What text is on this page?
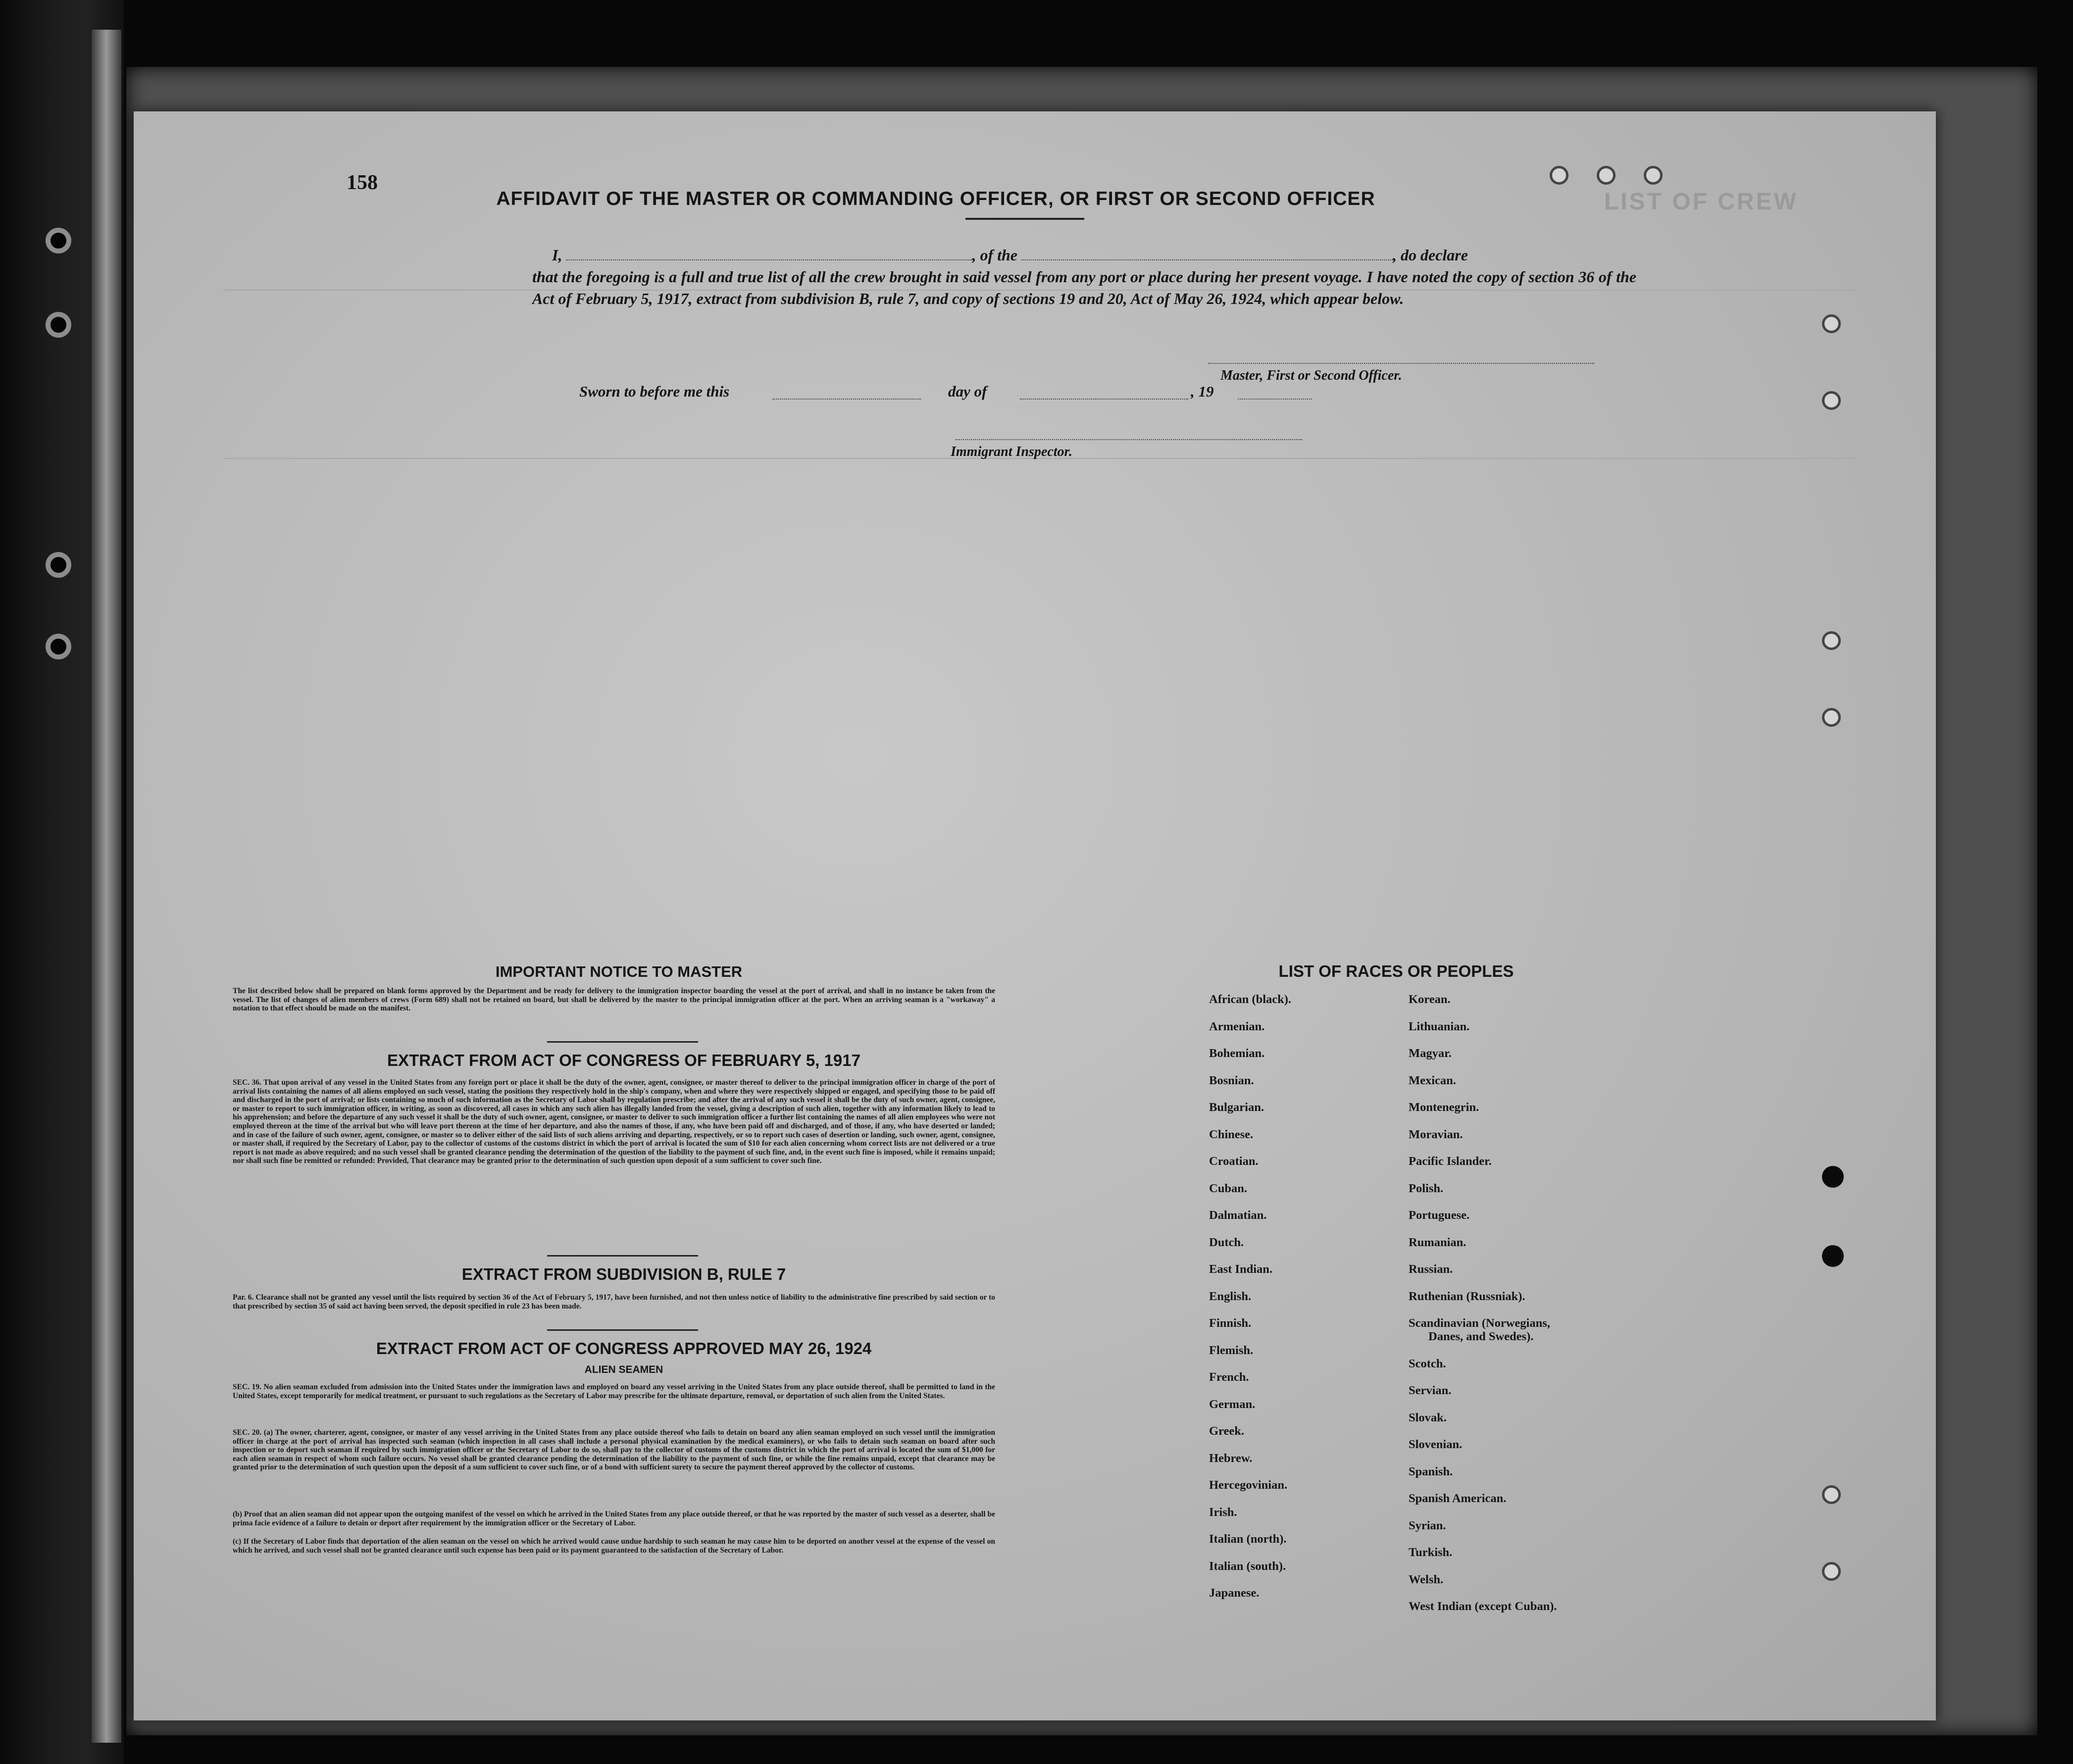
LIST OF CREW
158
AFFIDAVIT OF THE MASTER OR COMMANDING OFFICER, OR FIRST OR SECOND OFFICER
I,	, of the	, do declare
that the foregoing is a full and true list of all the crew brought in said vessel from any port or place during her present voyage. I have noted the copy of section 36 of the Act of February 5, 1917, extract from subdivision B, rule 7, and copy of sections 19 and 20, Act of May 26, 1924, which appear below.
Master, First or Second Officer.
Sworn to before me this	day of	, 19
Immigrant Inspector.
IMPORTANT NOTICE TO MASTER
The list described below shall be prepared on blank forms approved by the Department and be ready for delivery to the immigration inspector boarding the vessel at the port of arrival, and shall in no instance be taken from the vessel. The list of changes of alien members of crews (Form 689) shall not be retained on board, but shall be delivered by the master to the principal immigration officer at the port. When an arriving seaman is a "workaway" a notation to that effect should be made on the manifest.
EXTRACT FROM ACT OF CONGRESS OF FEBRUARY 5, 1917
SEC. 36. That upon arrival of any vessel in the United States from any foreign port or place it shall be the duty of the owner, agent, consignee, or master thereof to deliver to the principal immigration officer in charge of the port of arrival lists containing the names of all aliens employed on such vessel, stating the positions they respectively hold in the ship's company, when and where they were respectively shipped or engaged, and specifying those to be paid off and discharged in the port of arrival; or lists containing so much of such information as the Secretary of Labor shall by regulation prescribe; and after the arrival of any such vessel it shall be the duty of such owner, agent, consignee, or master to report to such immigration officer, in writing, as soon as discovered, all cases in which any such alien has illegally landed from the vessel, giving a description of such alien, together with any information likely to lead to his apprehension; and before the departure of any such vessel it shall be the duty of such owner, agent, consignee, or master to deliver to such immigration officer a further list containing the names of all alien employees who were not employed thereon at the time of the arrival but who will leave port thereon at the time of her departure, and also the names of those, if any, who have been paid off and discharged, and of those, if any, who have deserted or landed; and in case of the failure of such owner, agent, consignee, or master so to deliver either of the said lists of such aliens arriving and departing, respectively, or so to report such cases of desertion or landing, such owner, agent, consignee, or master shall, if required by the Secretary of Labor, pay to the collector of customs of the customs district in which the port of arrival is located the sum of $10 for each alien concerning whom correct lists are not delivered or a true report is not made as above required; and no such vessel shall be granted clearance pending the determination of the question of the liability to the payment of such fine, and, in the event such fine is imposed, while it remains unpaid; nor shall such fine be remitted or refunded: Provided, That clearance may be granted prior to the determination of such question upon deposit of a sum sufficient to cover such fine.
EXTRACT FROM SUBDIVISION B, RULE 7
Par. 6. Clearance shall not be granted any vessel until the lists required by section 36 of the Act of February 5, 1917, have been furnished, and not then unless notice of liability to the administrative fine prescribed by said section or to that prescribed by section 35 of said act having been served, the deposit specified in rule 23 has been made.
EXTRACT FROM ACT OF CONGRESS APPROVED MAY 26, 1924
ALIEN SEAMEN
SEC. 19. No alien seaman excluded from admission into the United States under the immigration laws and employed on board any vessel arriving in the United States from any place outside thereof, shall be permitted to land in the United States, except temporarily for medical treatment, or pursuant to such regulations as the Secretary of Labor may prescribe for the ultimate departure, removal, or deportation of such alien from the United States.
SEC. 20. (a) The owner, charterer, agent, consignee, or master of any vessel arriving in the United States from any place outside thereof who fails to detain on board any alien seaman employed on such vessel until the immigration officer in charge at the port of arrival has inspected such seaman (which inspection in all cases shall include a personal physical examination by the medical examiners), or who fails to detain such seaman on board after such inspection or to deport such seaman if required by such immigration officer or the Secretary of Labor to do so, shall pay to the collector of customs of the customs district in which the port of arrival is located the sum of $1,000 for each alien seaman in respect of whom such failure occurs. No vessel shall be granted clearance pending the determination of the liability to the payment of such fine, or while the fine remains unpaid, except that clearance may be granted prior to the determination of such question upon the deposit of a sum sufficient to cover such fine, or of a bond with sufficient surety to secure the payment thereof approved by the collector of customs.
(b) Proof that an alien seaman did not appear upon the outgoing manifest of the vessel on which he arrived in the United States from any place outside thereof, or that he was reported by the master of such vessel as a deserter, shall be prima facie evidence of a failure to detain or deport after requirement by the immigration officer or the Secretary of Labor.
(c) If the Secretary of Labor finds that deportation of the alien seaman on the vessel on which he arrived would cause undue hardship to such seaman he may cause him to be deported on another vessel at the expense of the vessel on which he arrived, and such vessel shall not be granted clearance until such expense has been paid or its payment guaranteed to the satisfaction of the Secretary of Labor.
LIST OF RACES OR PEOPLES
African (black).
Armenian.
Bohemian.
Bosnian.
Bulgarian.
Chinese.
Croatian.
Cuban.
Dalmatian.
Dutch.
East Indian.
English.
Finnish.
Flemish.
French.
German.
Greek.
Hebrew.
Hercegovinian.
Irish.
Italian (north).
Italian (south).
Japanese.
Korean.
Lithuanian.
Magyar.
Mexican.
Montenegrin.
Moravian.
Pacific Islander.
Polish.
Portuguese.
Rumanian.
Russian.
Ruthenian (Russniak).
Scandinavian (Norwegians,
Danes, and Swedes).
Scotch.
Servian.
Slovak.
Slovenian.
Spanish.
Spanish American.
Syrian.
Turkish.
Welsh.
West Indian (except Cuban).
